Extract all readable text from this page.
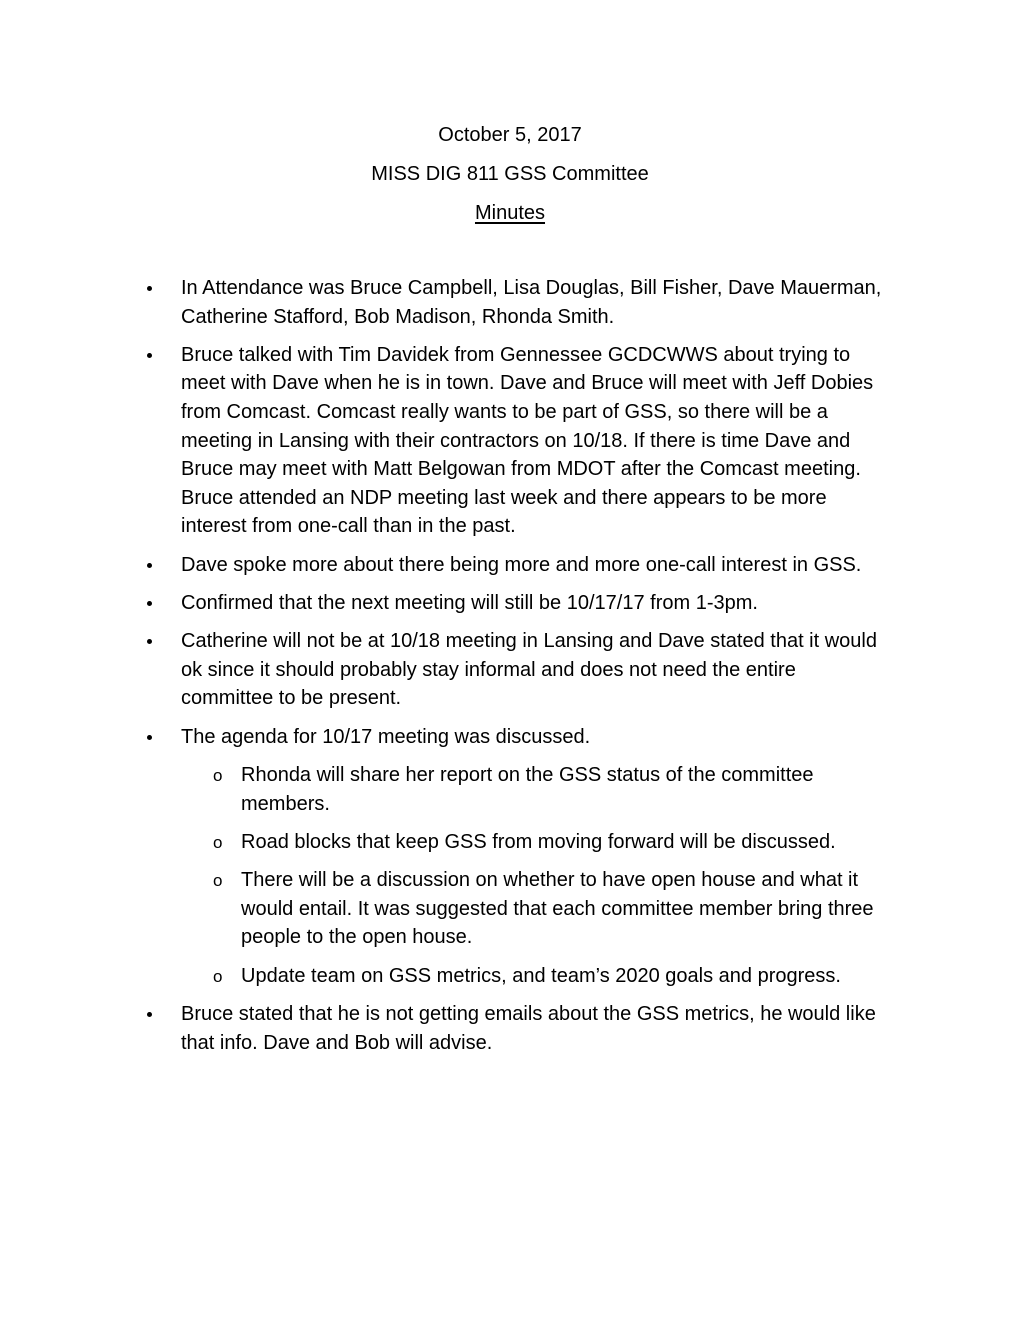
October 5, 2017
MISS DIG 811 GSS Committee
Minutes
In Attendance was Bruce Campbell, Lisa Douglas, Bill Fisher, Dave Mauerman, Catherine Stafford, Bob Madison, Rhonda Smith.
Bruce talked with Tim Davidek from Gennessee GCDCWWS about trying to meet with Dave when he is in town. Dave and Bruce will meet with Jeff Dobies from Comcast. Comcast really wants to be part of GSS, so there will be a meeting in Lansing with their contractors on 10/18. If there is time Dave and Bruce may meet with Matt Belgowan from MDOT after the Comcast meeting. Bruce attended an NDP meeting last week and there appears to be more interest from one-call than in the past.
Dave spoke more about there being more and more one-call interest in GSS.
Confirmed that the next meeting will still be 10/17/17 from 1-3pm.
Catherine will not be at 10/18 meeting in Lansing and Dave stated that it would ok since it should probably stay informal and does not need the entire committee to be present.
The agenda for 10/17 meeting was discussed.
o Rhonda will share her report on the GSS status of the committee members.
o Road blocks that keep GSS from moving forward will be discussed.
o There will be a discussion on whether to have open house and what it would entail. It was suggested that each committee member bring three people to the open house.
o Update team on GSS metrics, and team’s 2020 goals and progress.
Bruce stated that he is not getting emails about the GSS metrics, he would like that info. Dave and Bob will advise.
